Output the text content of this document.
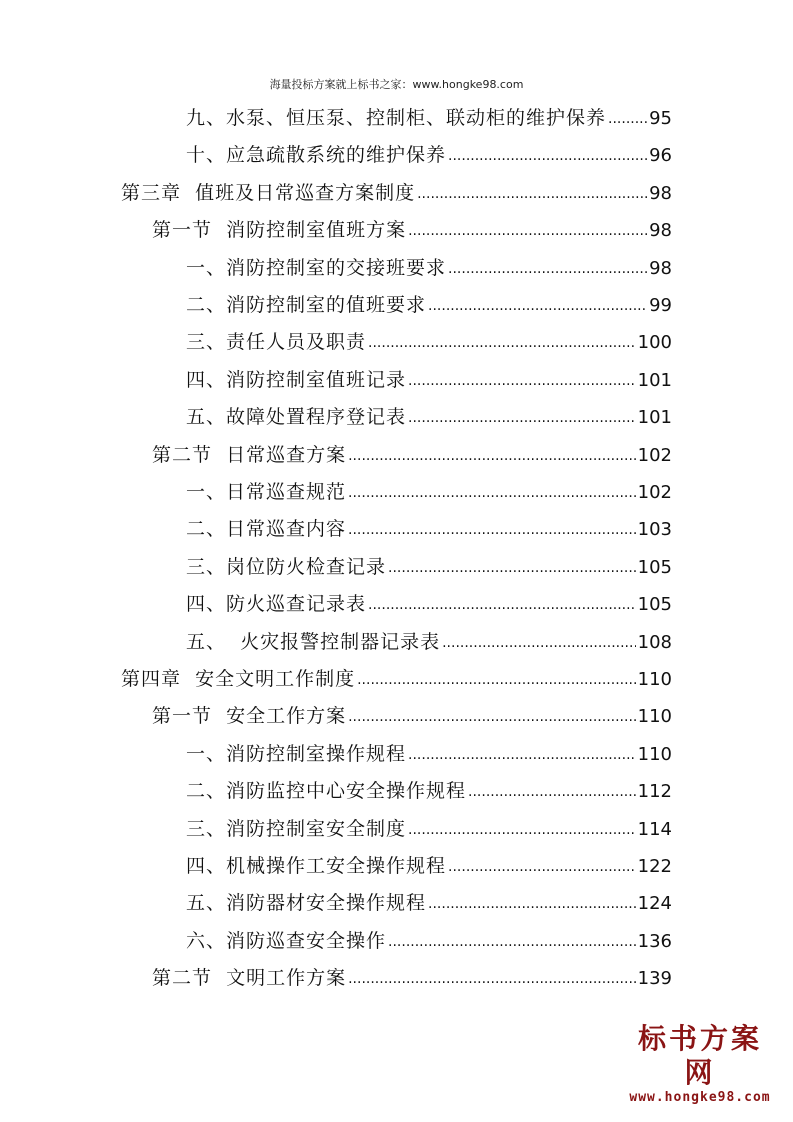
海量投标方案就上标书之家：www.hongke98.com
九、水泵、恒压泵、控制柜、联动柜的维护保养 ..... 95
十、应急疏散系统的维护保养 .....	96
第三章  值班及日常巡查方案制度 .....	98
第一节  消防控制室值班方案 .....	98
一、消防控制室的交接班要求 .....	98
二、消防控制室的值班要求 .....	99
三、责任人员及职责 .....	100
四、消防控制室值班记录 .....	101
五、故障处置程序登记表 .....	101
第二节  日常巡查方案 .....	102
一、日常巡查规范 .....	102
二、日常巡查内容 .....	103
三、岗位防火检查记录 .....	105
四、防火巡查记录表 .....	105
五、  火灾报警控制器记录表 .....	108
第四章  安全文明工作制度 .....	110
第一节  安全工作方案 .....	110
一、消防控制室操作规程 .....	110
二、消防监控中心安全操作规程 .....	112
三、消防控制室安全制度 .....	114
四、机械操作工安全操作规程 .....	122
五、消防器材安全操作规程 .....	124
六、消防巡查安全操作 .....	136
第二节  文明工作方案 .....	139
标书方案网
www.hongke98.com
